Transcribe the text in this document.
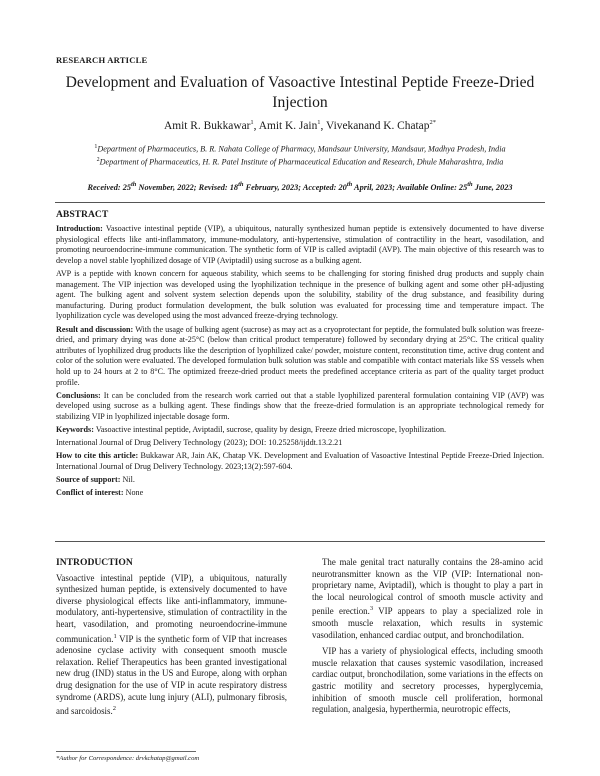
RESEARCH ARTICLE
Development and Evaluation of Vasoactive Intestinal Peptide Freeze-Dried Injection
Amit R. Bukkawar$^1$, Amit K. Jain$^1$, Vivekanand K. Chatap$^{2*}$
$^1$Department of Pharmaceutics, B. R. Nahata College of Pharmacy, Mandsaur University, Mandsaur, Madhya Pradesh, India
$^2$Department of Pharmaceutics, H. R. Patel Institute of Pharmaceutical Education and Research, Dhule Maharashtra, India
Received: 25th November, 2022; Revised: 18th February, 2023; Accepted: 20th April, 2023; Available Online: 25th June, 2023
ABSTRACT

Introduction: Vasoactive intestinal peptide (VIP), a ubiquitous, naturally synthesized human peptide is extensively documented to have diverse physiological effects like anti-inflammatory, immune-modulatory, anti-hypertensive, stimulation of contractility in the heart, vasodilation, and promoting neuroendocrine-immune communication. The synthetic form of VIP is called aviptadil (AVP). The main objective of this research was to develop a novel stable lyophilized dosage of VIP (Aviptadil) using sucrose as a bulking agent.

AVP is a peptide with known concern for aqueous stability, which seems to be challenging for storing finished drug products and supply chain management. The VIP injection was developed using the lyophilization technique in the presence of bulking agent and some other pH-adjusting agent. The bulking agent and solvent system selection depends upon the solubility, stability of the drug substance, and feasibility during manufacturing. During product formulation development, the bulk solution was evaluated for processing time and temperature impact. The lyophilization cycle was developed using the most advanced freeze-drying technology.

Result and discussion: With the usage of bulking agent (sucrose) as may act as a cryoprotectant for peptide, the formulated bulk solution was freeze-dried, and primary drying was done at-25°C (below than critical product temperature) followed by secondary drying at 25°C. The critical quality attributes of lyophilized drug products like the description of lyophilized cake/ powder, moisture content, reconstitution time, active drug content and color of the solution were evaluated. The developed formulation bulk solution was stable and compatible with contact materials like SS vessels when hold up to 24 hours at 2 to 8°C. The optimized freeze-dried product meets the predefined acceptance criteria as part of the quality target product profile.

Conclusions: It can be concluded from the research work carried out that a stable lyophilized parenteral formulation containing VIP (AVP) was developed using sucrose as a bulking agent. These findings show that the freeze-dried formulation is an appropriate technological remedy for stabilizing VIP in lyophilized injectable dosage form.

Keywords: Vasoactive intestinal peptide, Aviptadil, sucrose, quality by design, Freeze dried microscope, lyophilization.

International Journal of Drug Delivery Technology (2023); DOI: 10.25258/ijddt.13.2.21

How to cite this article: Bukkawar AR, Jain AK, Chatap VK. Development and Evaluation of Vasoactive Intestinal Peptide Freeze-Dried Injection. International Journal of Drug Delivery Technology. 2023;13(2):597-604.

Source of support: Nil.

Conflict of interest: None

INTRODUCTION

Vasoactive intestinal peptide (VIP), a ubiquitous, naturally synthesized human peptide, is extensively documented to have diverse physiological effects like anti-inflammatory, immune-modulatory, anti-hypertensive, stimulation of contractility in the heart, vasodilation, and promoting neuroendocrine-immune communication.$^1$ VIP is the synthetic form of VIP that increases adenosine cyclase activity with consequent smooth muscle relaxation. Relief Therapeutics has been granted investigational new drug (IND) status in the US and Europe, along with orphan drug designation for the use of VIP in acute respiratory distress syndrome (ARDS), acute lung injury (ALI), pulmonary fibrosis, and sarcoidosis.$^2$

The male genital tract naturally contains the 28-amino acid neurotransmitter known as the VIP (VIP: International non-proprietary name, Aviptadil), which is thought to play a part in the local neurological control of smooth muscle activity and penile erection.$^3$ VIP appears to play a specialized role in smooth muscle relaxation, which results in systemic vasodilation, enhanced cardiac output, and bronchodilation.

VIP has a variety of physiological effects, including smooth muscle relaxation that causes systemic vasodilation, increased cardiac output, bronchodilation, some variations in the effects on gastric motility and secretory processes, hyperglycemia, inhibition of smooth muscle cell proliferation, hormonal regulation, analgesia, hyperthermia, neurotropic effects,

*Author for Correspondence: drvkchatap@gmail.com
